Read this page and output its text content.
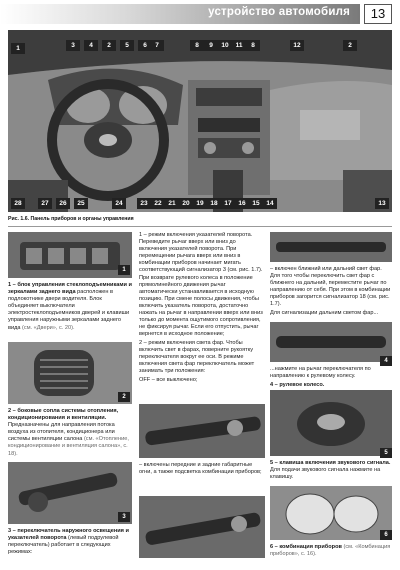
устройство автомобиля	13
1	3	4	2	5	6	7	8	9	10	11	8	12	2
28	27	26	25	24	23	22	21	20	19	18	17	16	15	14	13
Рис. 1.6. Панель приборов и органы управления
1

1 – блок управления стеклоподъемниками и зеркалами заднего вида расположен в подлокотнике двери водителя. Блок объединяет выключатели электростеклоподъемников дверей и клавиши управления наружными зеркалами заднего вида (см. «Двери», с. 20).

2

2 – боковые сопла системы отопления, кондиционирования и вентиляции. Предназначены для направления потока воздуха из отопителя, кондиционера или системы вентиляции салона (см. «Отопление, кондиционирование и вентиляция салона», с. 18).

3

3 – переключатель наружного освещения и указателей поворота (левый подрулевой переключатель) работает в следующих режимах:

1 – режим включения указателей поворота. Переведите рычаг вверх или вниз до включения указателей поворота. При перемещении рычага вверх или вниз в комбинации приборов начинает мигать соответствующий сигнализатор 3 (см. рис. 1.7). При возврате рулевого колеса в положение прямолинейного движения рычаг автоматически устанавливается в исходную позицию. При смене полосы движения, чтобы включить указатель поворота, достаточно нажать на рычаг в направлении вверх или вниз только до момента ощутимого сопротивления, не фиксируя рычаг. Если его отпустить, рычаг вернется в исходное положение;

2 – режим включения света фар. Чтобы включить свет в фарах, поверните рукоятку переключателя вокруг ее оси. В режиме включения света фар переключатель может занимать три положения:

OFF – все выключено;

– включены передние и задние габаритные огни, а также подсветка комбинации приборов;

– включен ближний или дальний свет фар. Для того чтобы переключить свет фар с ближнего на дальний, переместите рычаг по направлению от себя. При этом в комбинации приборов загорится сигнализатор 18 (см. рис. 1.7).

Для сигнализации дальним светом фар...

...нажмите на рычаг переключателя по направлению к рулевому колесу.

4 – рулевое колесо.

5
4

5 – клавиша включения звукового сигнала. Для подачи звукового сигнала нажмите на клавишу.

6

6 – комбинация приборов (см. «Комбинация приборов», с. 16).
